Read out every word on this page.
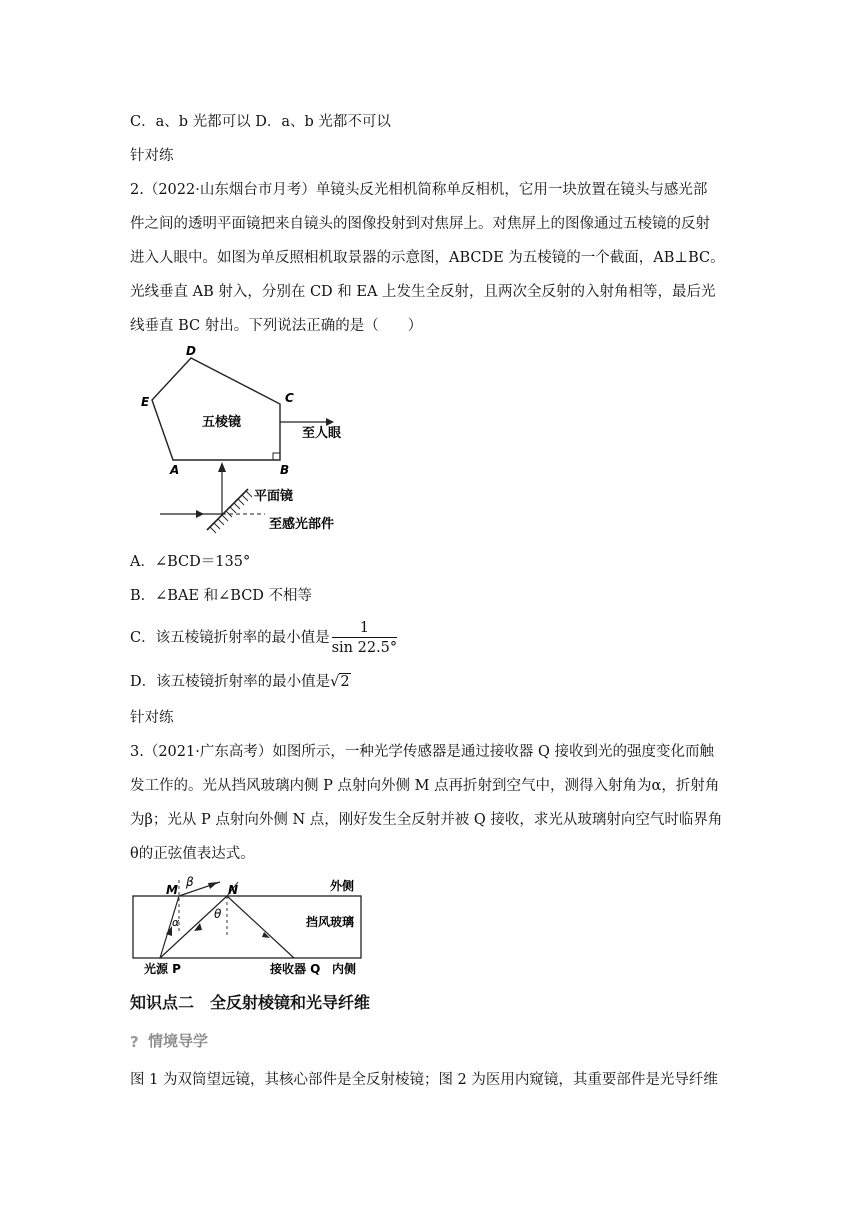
C．a、b 光都可以 D．a、b 光都不可以
针对练
2.（2022·山东烟台市月考）单镜头反光相机简称单反相机，它用一块放置在镜头与感光部
件之间的透明平面镜把来自镜头的图像投射到对焦屏上。对焦屏上的图像通过五棱镜的反射
进入人眼中。如图为单反照相机取景器的示意图，ABCDE 为五棱镜的一个截面，AB⊥BC。
光线垂直 AB 射入，分别在 CD 和 EA 上发生全反射，且两次全反射的入射角相等，最后光
线垂直 BC 射出。下列说法正确的是（　　）
D
E	C
A	B
五棱镜
至人眼
平面镜
至感光部件
A．∠BCD＝135°
B．∠BAE 和∠BCD 不相等
C．该五棱镜折射率的最小值是 $\frac{1}{\sin 22.5^\circ}$
D．该五棱镜折射率的最小值是√2
针对练
3.（2021·广东高考）如图所示，一种光学传感器是通过接收器 Q 接收到光的强度变化而触
发工作的。光从挡风玻璃内侧 P 点射向外侧 M 点再折射到空气中，测得入射角为α，折射角
为β；光从 P 点射向外侧 N 点，刚好发生全反射并被 Q 接收，求光从玻璃射向空气时临界角
θ的正弦值表达式。
M
β
N	外侧
α
θ
挡风玻璃
光源 P	接收器 Q 内侧
知识点二　全反射棱镜和光导纤维
? 情境导学
图 1 为双筒望远镜，其核心部件是全反射棱镜；图 2 为医用内窥镜，其重要部件是光导纤维
